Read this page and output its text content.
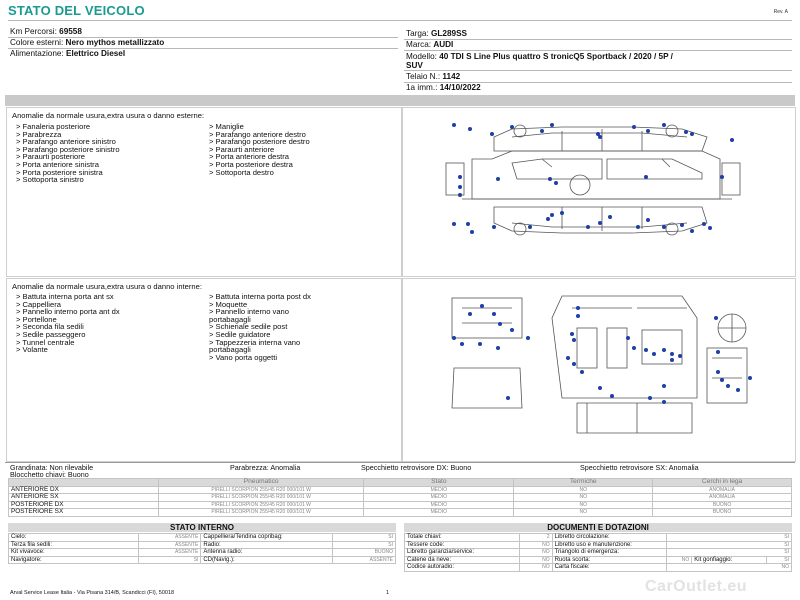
STATO DEL VEICOLO	Rev. A
Km Percorsi: 69558
Colore esterni: Nero mythos metallizzato
Alimentazione: Elettrico Diesel
Targa: GL289SS
Marca: AUDI
Modello: 40 TDI S Line Plus quattro S tronicQ5 Sportback / 2020 / 5P /
SUV
Telaio N.: 1142
1a imm.: 14/10/2022
Anomalie da normale usura,extra usura o danno esterne:
> Fanaleria posteriore
> Parabrezza
> Parafango anteriore sinistro
> Parafango posteriore sinistro
> Paraurti posteriore
> Porta anteriore sinistra
> Porta posteriore sinistra
> Sottoporta sinistro
> Maniglie
> Parafango anteriore destro
> Parafango posteriore destro
> Paraurti anteriore
> Porta anteriore destra
> Porta posteriore destra
> Sottoporta destro
Anomalie da normale usura,extra usura o danno interne:
> Battuta interna porta ant sx
> Cappelliera
> Pannello interno porta ant dx
> Portellone
> Seconda fila sedili
> Sedile passeggero
> Tunnel centrale
> Volante
> Battuta interna porta post dx
> Moquette
> Pannello interno vano
portabagagli
> Schienale sedile post
> Sedile guidatore
> Tappezzeria interna vano
portabagagli
> Vano porta oggetti
Grandinata: Non rilevabile
Blocchetto chiavi: Buono
Parabrezza: Anomalia	Specchietto retrovisore DX: Buono	Specchietto retrovisore SX: Anomalia
	Pneumatico	Stato	Termiche	Cerchi in lega
ANTERIORE DX	PIRELLI SCORPION 255/45 R20 000/101 W	MEDIO	NO	ANOMALIA
ANTERIORE SX	PIRELLI SCORPION 255/45 R20 000/101 W	MEDIO	NO	ANOMALIA
POSTERIORE DX	PIRELLI SCORPION 255/45 R20 000/101 W	MEDIO	NO	BUONO
POSTERIORE SX	PIRELLI SCORPION 255/45 R20 000/101 W	MEDIO	NO	BUONO
STATO INTERNO
Cielo:	ASSENTE	Cappelliera/Tendina copribag:	SI
Terza fila sedili:	ASSENTE	Radio:	SI
Kit vivavoce:	ASSENTE	Antenna radio:	BUONO
Navigatore:	SI	CD(Navig.):	ASSENTE
DOCUMENTI E DOTAZIONI
Totale chiavi:	2	Libretto circolazione:	SI		
Tessere code:	NO	Libretto uso e manutenzione:	SI		
Libretto garanzia/service:	NO	Triangolo di emergenza:	SI		
Catene da neve:	NO	Ruota scorta:	NO	Kit gonfiaggio:	SI
Codice autoradio:	NO	Carta fiscale:	NO		
Arval Service Lease Italia - Via Pisana 314/B, Scandicci (FI), 50018	1	CarOutlet.eu
